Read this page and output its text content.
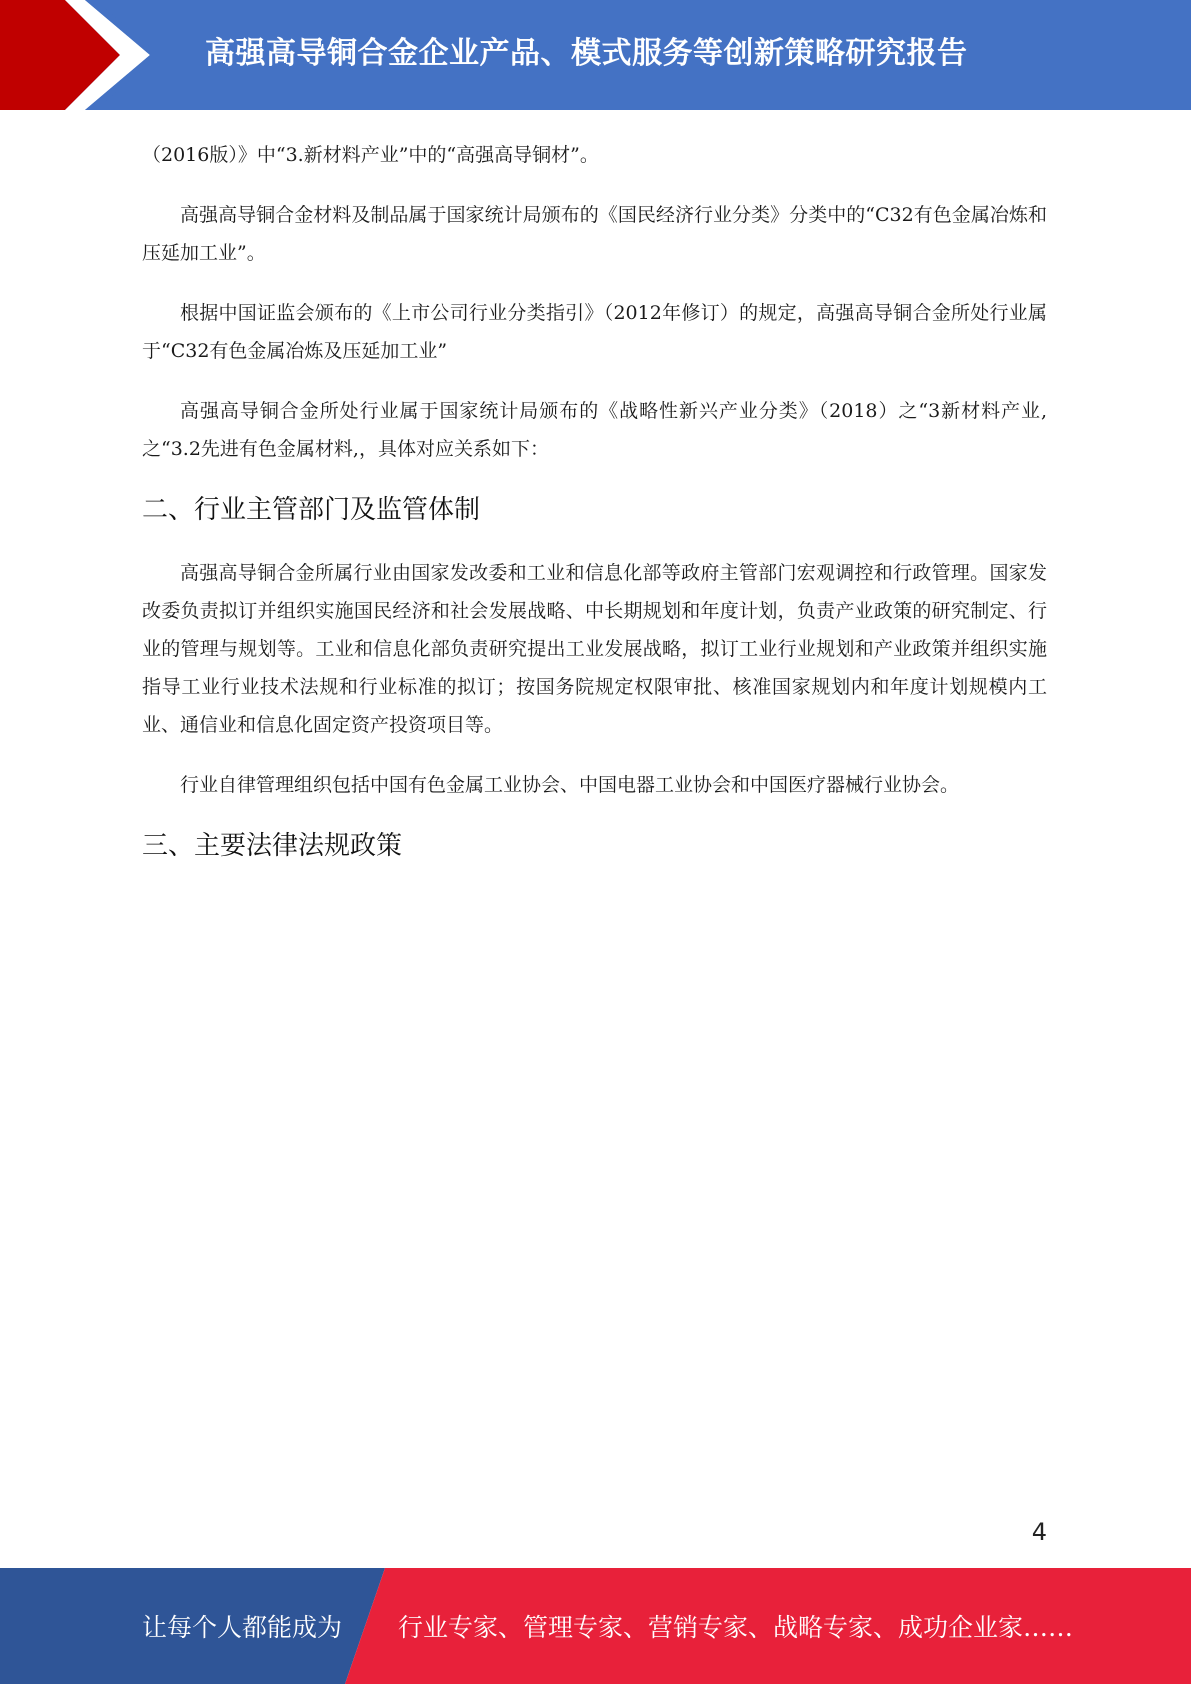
高强高导铜合金企业产品、模式服务等创新策略研究报告

（2016版）》中“3.新材料产业”中的“高强高导铜材”。

高强高导铜合金材料及制品属于国家统计局颁布的《国民经济行业分类》分类中的“C32有色金属冶炼和压延加工业”。

根据中国证监会颁布的《上市公司行业分类指引》（2012年修订）的规定，高强高导铜合金所处行业属于“C32有色金属冶炼及压延加工业”

高强高导铜合金所处行业属于国家统计局颁布的《战略性新兴产业分类》（2018）之“3新材料产业,之“3.2先进有色金属材料,，具体对应关系如下：

二、行业主管部门及监管体制

高强高导铜合金所属行业由国家发改委和工业和信息化部等政府主管部门宏观调控和行政管理。国家发改委负责拟订并组织实施国民经济和社会发展战略、中长期规划和年度计划，负责产业政策的研究制定、行业的管理与规划等。工业和信息化部负责研究提出工业发展战略，拟订工业行业规划和产业政策并组织实施指导工业行业技术法规和行业标准的拟订；按国务院规定权限审批、核准国家规划内和年度计划规模内工业、通信业和信息化固定资产投资项目等。

行业自律管理组织包括中国有色金属工业协会、中国电器工业协会和中国医疗器械行业协会。

三、主要法律法规政策
4
让每个人都能成为 行业专家、管理专家、营销专家、战略专家、成功企业家……
